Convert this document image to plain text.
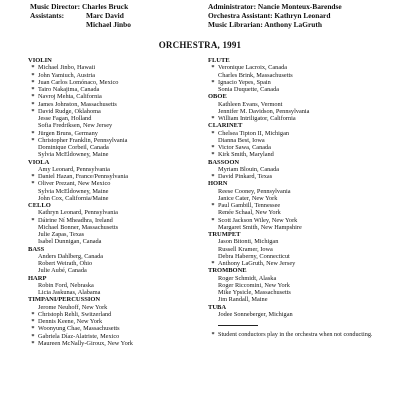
Music Director: Charles Bruck
Assistants:	Marc David
Michael Jinbo
Administrator: Nancie Monteux-Barendse
Orchestra Assistant: Kathryn Leonard
Music Librarian: Anthony LaGruth
ORCHESTRA, 1991
VIOLIN
* Michael Jinbo, Hawaii
* John Yamiuch, Austria
* Juan Carlos Lomónaco, Mexico
* Tairo Nakajima, Canada
* Navroj Mehta, California
* James Johnston, Massachusetts
* David Rudge, Oklahoma
Jesse Fagan, Holland
Sofia Fredriksen, New Jersey
* Jürgen Bruns, Germany
* Christopher Franklin, Pennsylvania
Dominique Corbeil, Canada
Sylvia McEldowney, Maine
VIOLA
Amy Leonard, Pennsylvania
* Daniel Hazan, France/Pennsylvania
* Oliver Prezant, New Mexico
Sylvia McEldowney, Maine
John Cox, California/Maine
CELLO
Kathryn Leonard, Pennsylvania
* Dáirine Ní Mheadhra, Ireland
Michael Bonner, Massachusetts
Julie Zapas, Texas
Isabel Dunnigan, Canada
BASS
Anders Dahlberg, Canada
Robert Weirath, Ohio
Julie Aubé, Canada
HARP
Robin Ford, Nebraska
Licia Jaskunas, Alabama
TIMPANI/PERCUSSION
Jerome Neuhoff, New York
* Christoph Rehli, Switzerland
* Dennis Keene, New York
* Woonyung Chae, Massachusetts
* Gabriela Díaz-Alatriste, Mexico
* Maureen McNally-Giroux, New York
FLUTE
* Veronique Lacroix, Canada
Charles Brink, Massachusetts
* Ignacio Yepes, Spain
Sonia Duquette, Canada
OBOE
Kathleen Evans, Vermont
Jennifer M. Davidson, Pennsylvania
* William Intriligator, California
CLARINET
* Chelsea Tipton II, Michigan
Dianna Best, Iowa
* Victor Sawa, Canada
* Kirk Smith, Maryland
BASSOON
Myriam Blouin, Canada
* David Pinkard, Texas
HORN
Reese Cooney, Pennsylvania
Janice Cater, New York
* Paul Gambill, Tennessee
Renée Schaal, New York
* Scott Jackson Wiley, New York
Margaret Smith, New Hampshire
TRUMPET
Jason Bitonti, Michigan
Russell Kramer, Iowa
Debra Haberny, Connecticut
* Anthony LaGruth, New Jersey
TROMBONE
Roger Schmidt, Alaska
Roger Riccomini, New York
Mike Ypsicle, Massachusetts
Jim Randall, Maine
TUBA
Jodee Sonneberger, Michigan
* Student conductors play in the orchestra when not conducting.
